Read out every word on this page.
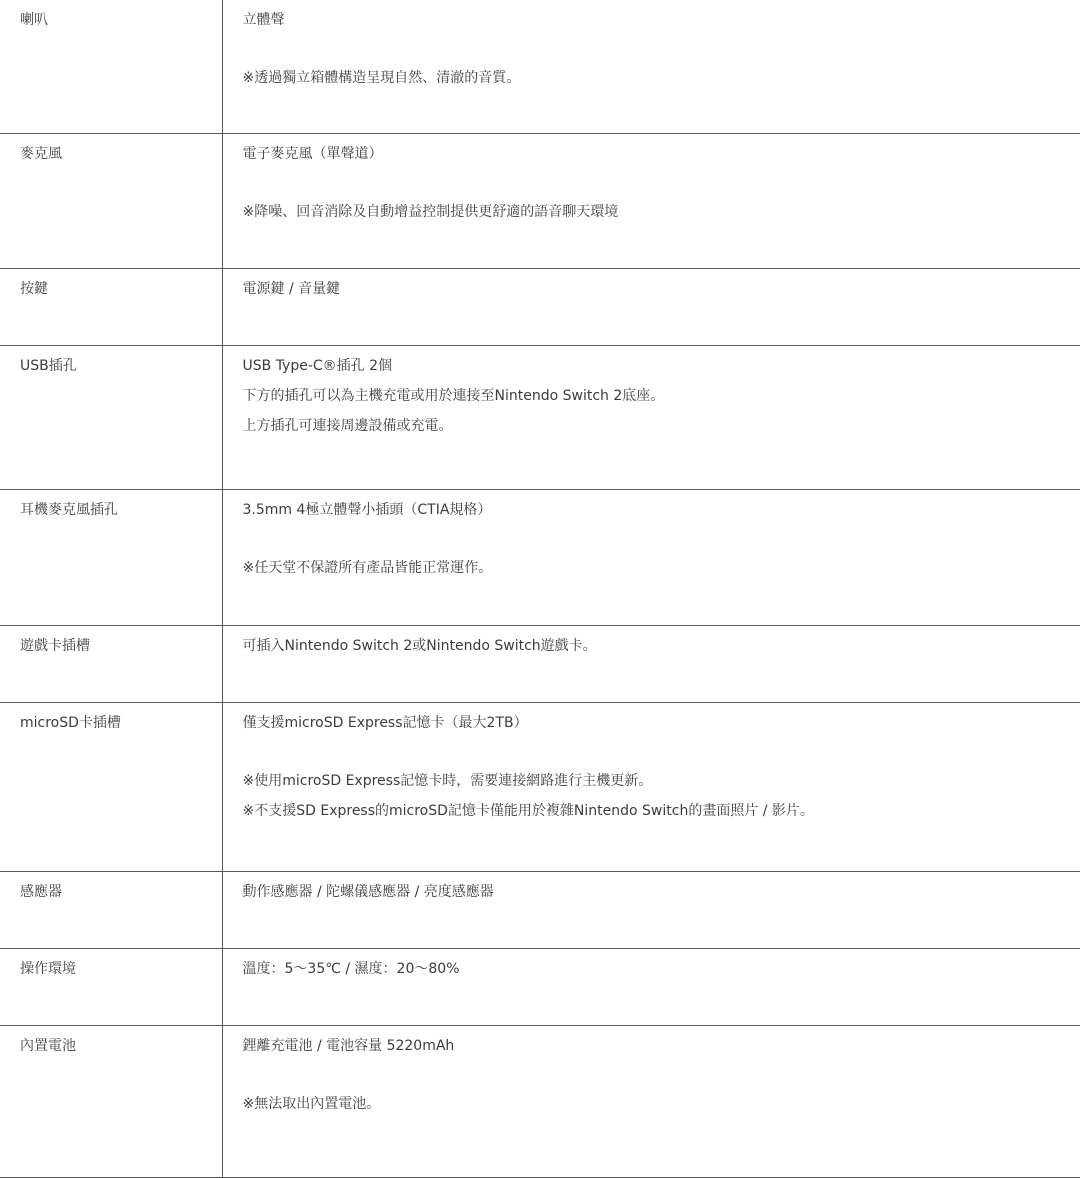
喇叭	立體聲
※透過獨立箱體構造呈現自然、清澈的音質。

麥克風	電子麥克風（單聲道）
※降噪、回音消除及自動增益控制提供更舒適的語音聊天環境

按鍵	電源鍵 / 音量鍵

USB插孔	USB Type-C®插孔 2個
下方的插孔可以為主機充電或用於連接至Nintendo Switch 2底座。
上方插孔可連接周邊設備或充電。

耳機麥克風插孔	3.5mm 4極立體聲小插頭（CTIA規格）
※任天堂不保證所有產品皆能正常運作。

遊戲卡插槽	可插入Nintendo Switch 2或Nintendo Switch遊戲卡。

microSD卡插槽	僅支援microSD Express記憶卡（最大2TB）
※使用microSD Express記憶卡時，需要連接網路進行主機更新。
※不支援SD Express的microSD記憶卡僅能用於複雜Nintendo Switch的畫面照片 / 影片。

感應器	動作感應器 / 陀螺儀感應器 / 亮度感應器

操作環境	溫度：5～35℃ / 濕度：20～80%

內置電池	鋰離充電池 / 電池容量 5220mAh
※無法取出內置電池。
